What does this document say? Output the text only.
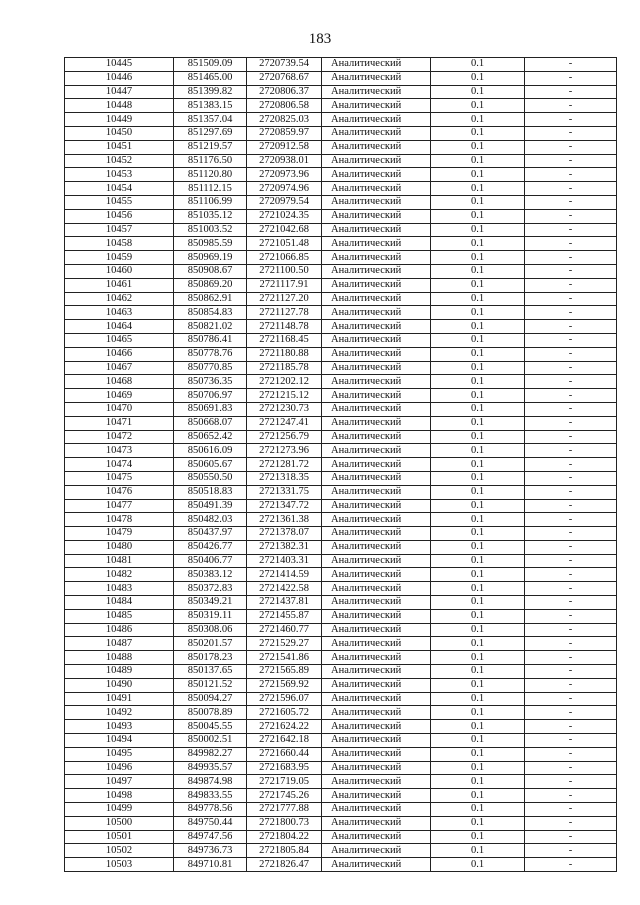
183
10445	851509.09	2720739.54	Аналитический	0.1	-
10446	851465.00	2720768.67	Аналитический	0.1	-
10447	851399.82	2720806.37	Аналитический	0.1	-
10448	851383.15	2720806.58	Аналитический	0.1	-
10449	851357.04	2720825.03	Аналитический	0.1	-
10450	851297.69	2720859.97	Аналитический	0.1	-
10451	851219.57	2720912.58	Аналитический	0.1	-
10452	851176.50	2720938.01	Аналитический	0.1	-
10453	851120.80	2720973.96	Аналитический	0.1	-
10454	851112.15	2720974.96	Аналитический	0.1	-
10455	851106.99	2720979.54	Аналитический	0.1	-
10456	851035.12	2721024.35	Аналитический	0.1	-
10457	851003.52	2721042.68	Аналитический	0.1	-
10458	850985.59	2721051.48	Аналитический	0.1	-
10459	850969.19	2721066.85	Аналитический	0.1	-
10460	850908.67	2721100.50	Аналитический	0.1	-
10461	850869.20	2721117.91	Аналитический	0.1	-
10462	850862.91	2721127.20	Аналитический	0.1	-
10463	850854.83	2721127.78	Аналитический	0.1	-
10464	850821.02	2721148.78	Аналитический	0.1	-
10465	850786.41	2721168.45	Аналитический	0.1	-
10466	850778.76	2721180.88	Аналитический	0.1	-
10467	850770.85	2721185.78	Аналитический	0.1	-
10468	850736.35	2721202.12	Аналитический	0.1	-
10469	850706.97	2721215.12	Аналитический	0.1	-
10470	850691.83	2721230.73	Аналитический	0.1	-
10471	850668.07	2721247.41	Аналитический	0.1	-
10472	850652.42	2721256.79	Аналитический	0.1	-
10473	850616.09	2721273.96	Аналитический	0.1	-
10474	850605.67	2721281.72	Аналитический	0.1	-
10475	850550.50	2721318.35	Аналитический	0.1	-
10476	850518.83	2721331.75	Аналитический	0.1	-
10477	850491.39	2721347.72	Аналитический	0.1	-
10478	850482.03	2721361.38	Аналитический	0.1	-
10479	850437.97	2721378.07	Аналитический	0.1	-
10480	850426.77	2721382.31	Аналитический	0.1	-
10481	850406.77	2721403.31	Аналитический	0.1	-
10482	850383.12	2721414.59	Аналитический	0.1	-
10483	850372.83	2721422.58	Аналитический	0.1	-
10484	850349.21	2721437.81	Аналитический	0.1	-
10485	850319.11	2721455.87	Аналитический	0.1	-
10486	850308.06	2721460.77	Аналитический	0.1	-
10487	850201.57	2721529.27	Аналитический	0.1	-
10488	850178.23	2721541.86	Аналитический	0.1	-
10489	850137.65	2721565.89	Аналитический	0.1	-
10490	850121.52	2721569.92	Аналитический	0.1	-
10491	850094.27	2721596.07	Аналитический	0.1	-
10492	850078.89	2721605.72	Аналитический	0.1	-
10493	850045.55	2721624.22	Аналитический	0.1	-
10494	850002.51	2721642.18	Аналитический	0.1	-
10495	849982.27	2721660.44	Аналитический	0.1	-
10496	849935.57	2721683.95	Аналитический	0.1	-
10497	849874.98	2721719.05	Аналитический	0.1	-
10498	849833.55	2721745.26	Аналитический	0.1	-
10499	849778.56	2721777.88	Аналитический	0.1	-
10500	849750.44	2721800.73	Аналитический	0.1	-
10501	849747.56	2721804.22	Аналитический	0.1	-
10502	849736.73	2721805.84	Аналитический	0.1	-
10503	849710.81	2721826.47	Аналитический	0.1	-
